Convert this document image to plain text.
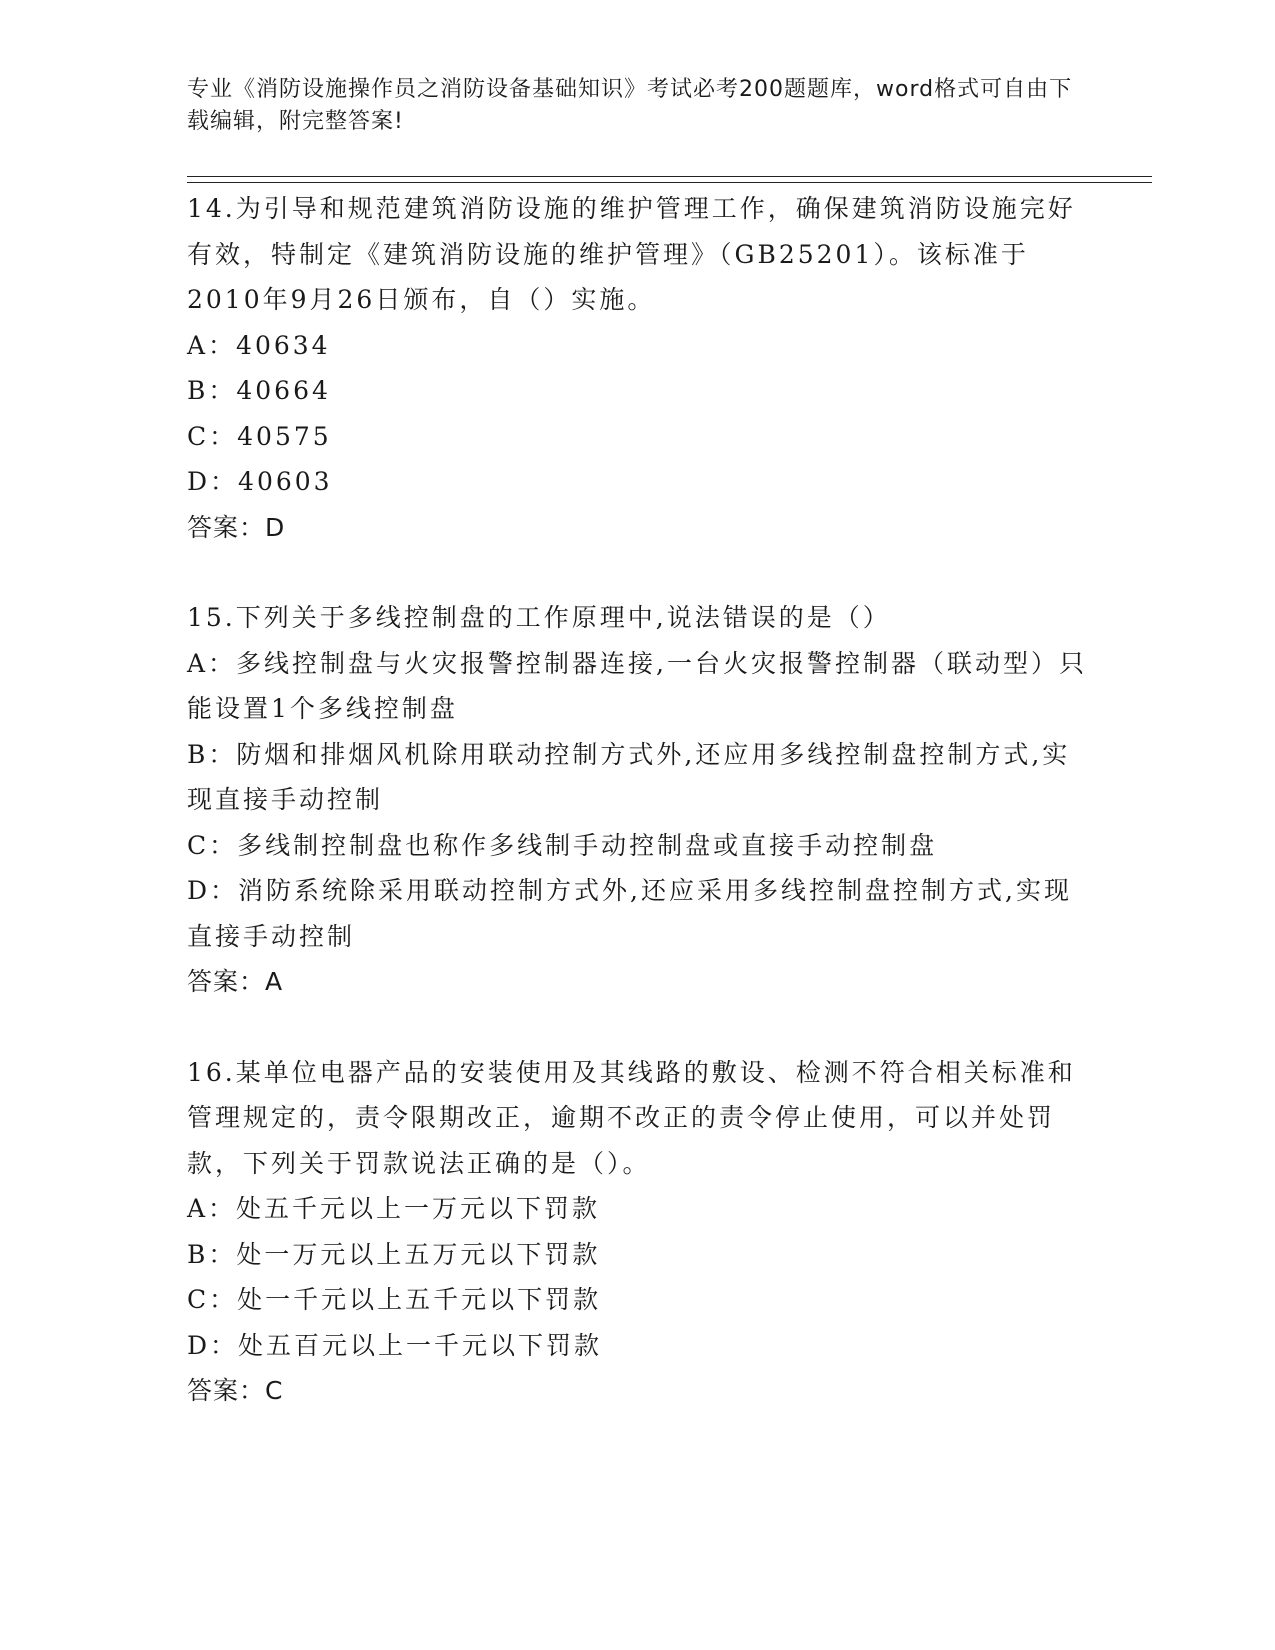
专业《消防设施操作员之消防设备基础知识》考试必考200题题库，word格式可自由下载编辑，附完整答案!

14.为引导和规范建筑消防设施的维护管理工作，确保建筑消防设施完好有效，特制定《建筑消防设施的维护管理》（GB25201）。该标准于2010年9月26日颁布，自（）实施。

A：40634

B：40664

C：40575

D：40603

答案：D

15.下列关于多线控制盘的工作原理中,说法错误的是（）

A：多线控制盘与火灾报警控制器连接,一台火灾报警控制器（联动型）只能设置1个多线控制盘

B：防烟和排烟风机除用联动控制方式外,还应用多线控制盘控制方式,实现直接手动控制

C：多线制控制盘也称作多线制手动控制盘或直接手动控制盘

D：消防系统除采用联动控制方式外,还应采用多线控制盘控制方式,实现直接手动控制

答案：A

16.某单位电器产品的安装使用及其线路的敷设、检测不符合相关标准和管理规定的，责令限期改正，逾期不改正的责令停止使用，可以并处罚款，下列关于罚款说法正确的是（）。

A：处五千元以上一万元以下罚款

B：处一万元以上五万元以下罚款

C：处一千元以上五千元以下罚款

D：处五百元以上一千元以下罚款

答案：C
